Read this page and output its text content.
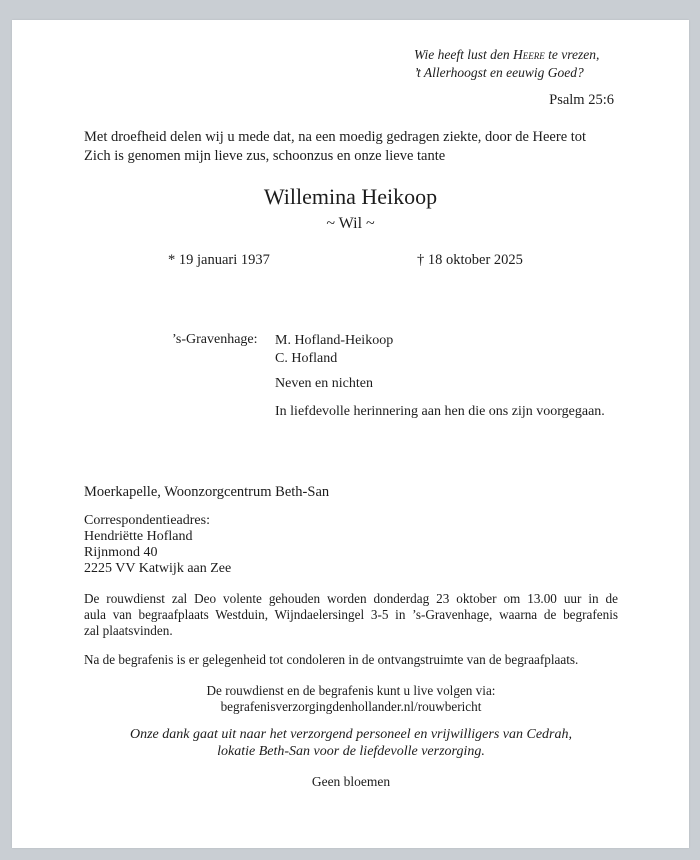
Wie heeft lust den Heere te vrezen,
’t Allerhoogst en eeuwig Goed?
Psalm 25:6
Met droefheid delen wij u mede dat, na een moedig gedragen ziekte, door de Heere tot
Zich is genomen mijn lieve zus, schoonzus en onze lieve tante
Willemina Heikoop
~ Wil ~
* 19 januari 1937	† 18 oktober 2025
’s-Gravenhage: M. Hofland-Heikoop
C. Hofland
Neven en nichten
In liefdevolle herinnering aan hen die ons zijn voorgegaan.
Moerkapelle, Woonzorgcentrum Beth-San
Correspondentieadres:
Hendriëtte Hofland
Rijnmond 40
2225 VV Katwijk aan Zee
De rouwdienst zal Deo volente gehouden worden donderdag 23 oktober om 13.00 uur in de
aula van begraafplaats Westduin, Wijndaelersingel 3-5 in ’s-Gravenhage, waarna de begrafenis
zal plaatsvinden.
Na de begrafenis is er gelegenheid tot condoleren in de ontvangstruimte van de begraafplaats.
De rouwdienst en de begrafenis kunt u live volgen via:
begrafenisverzorgingdenhollander.nl/rouwbericht
Onze dank gaat uit naar het verzorgend personeel en vrijwilligers van Cedrah,
lokatie Beth-San voor de liefdevolle verzorging.
Geen bloemen
